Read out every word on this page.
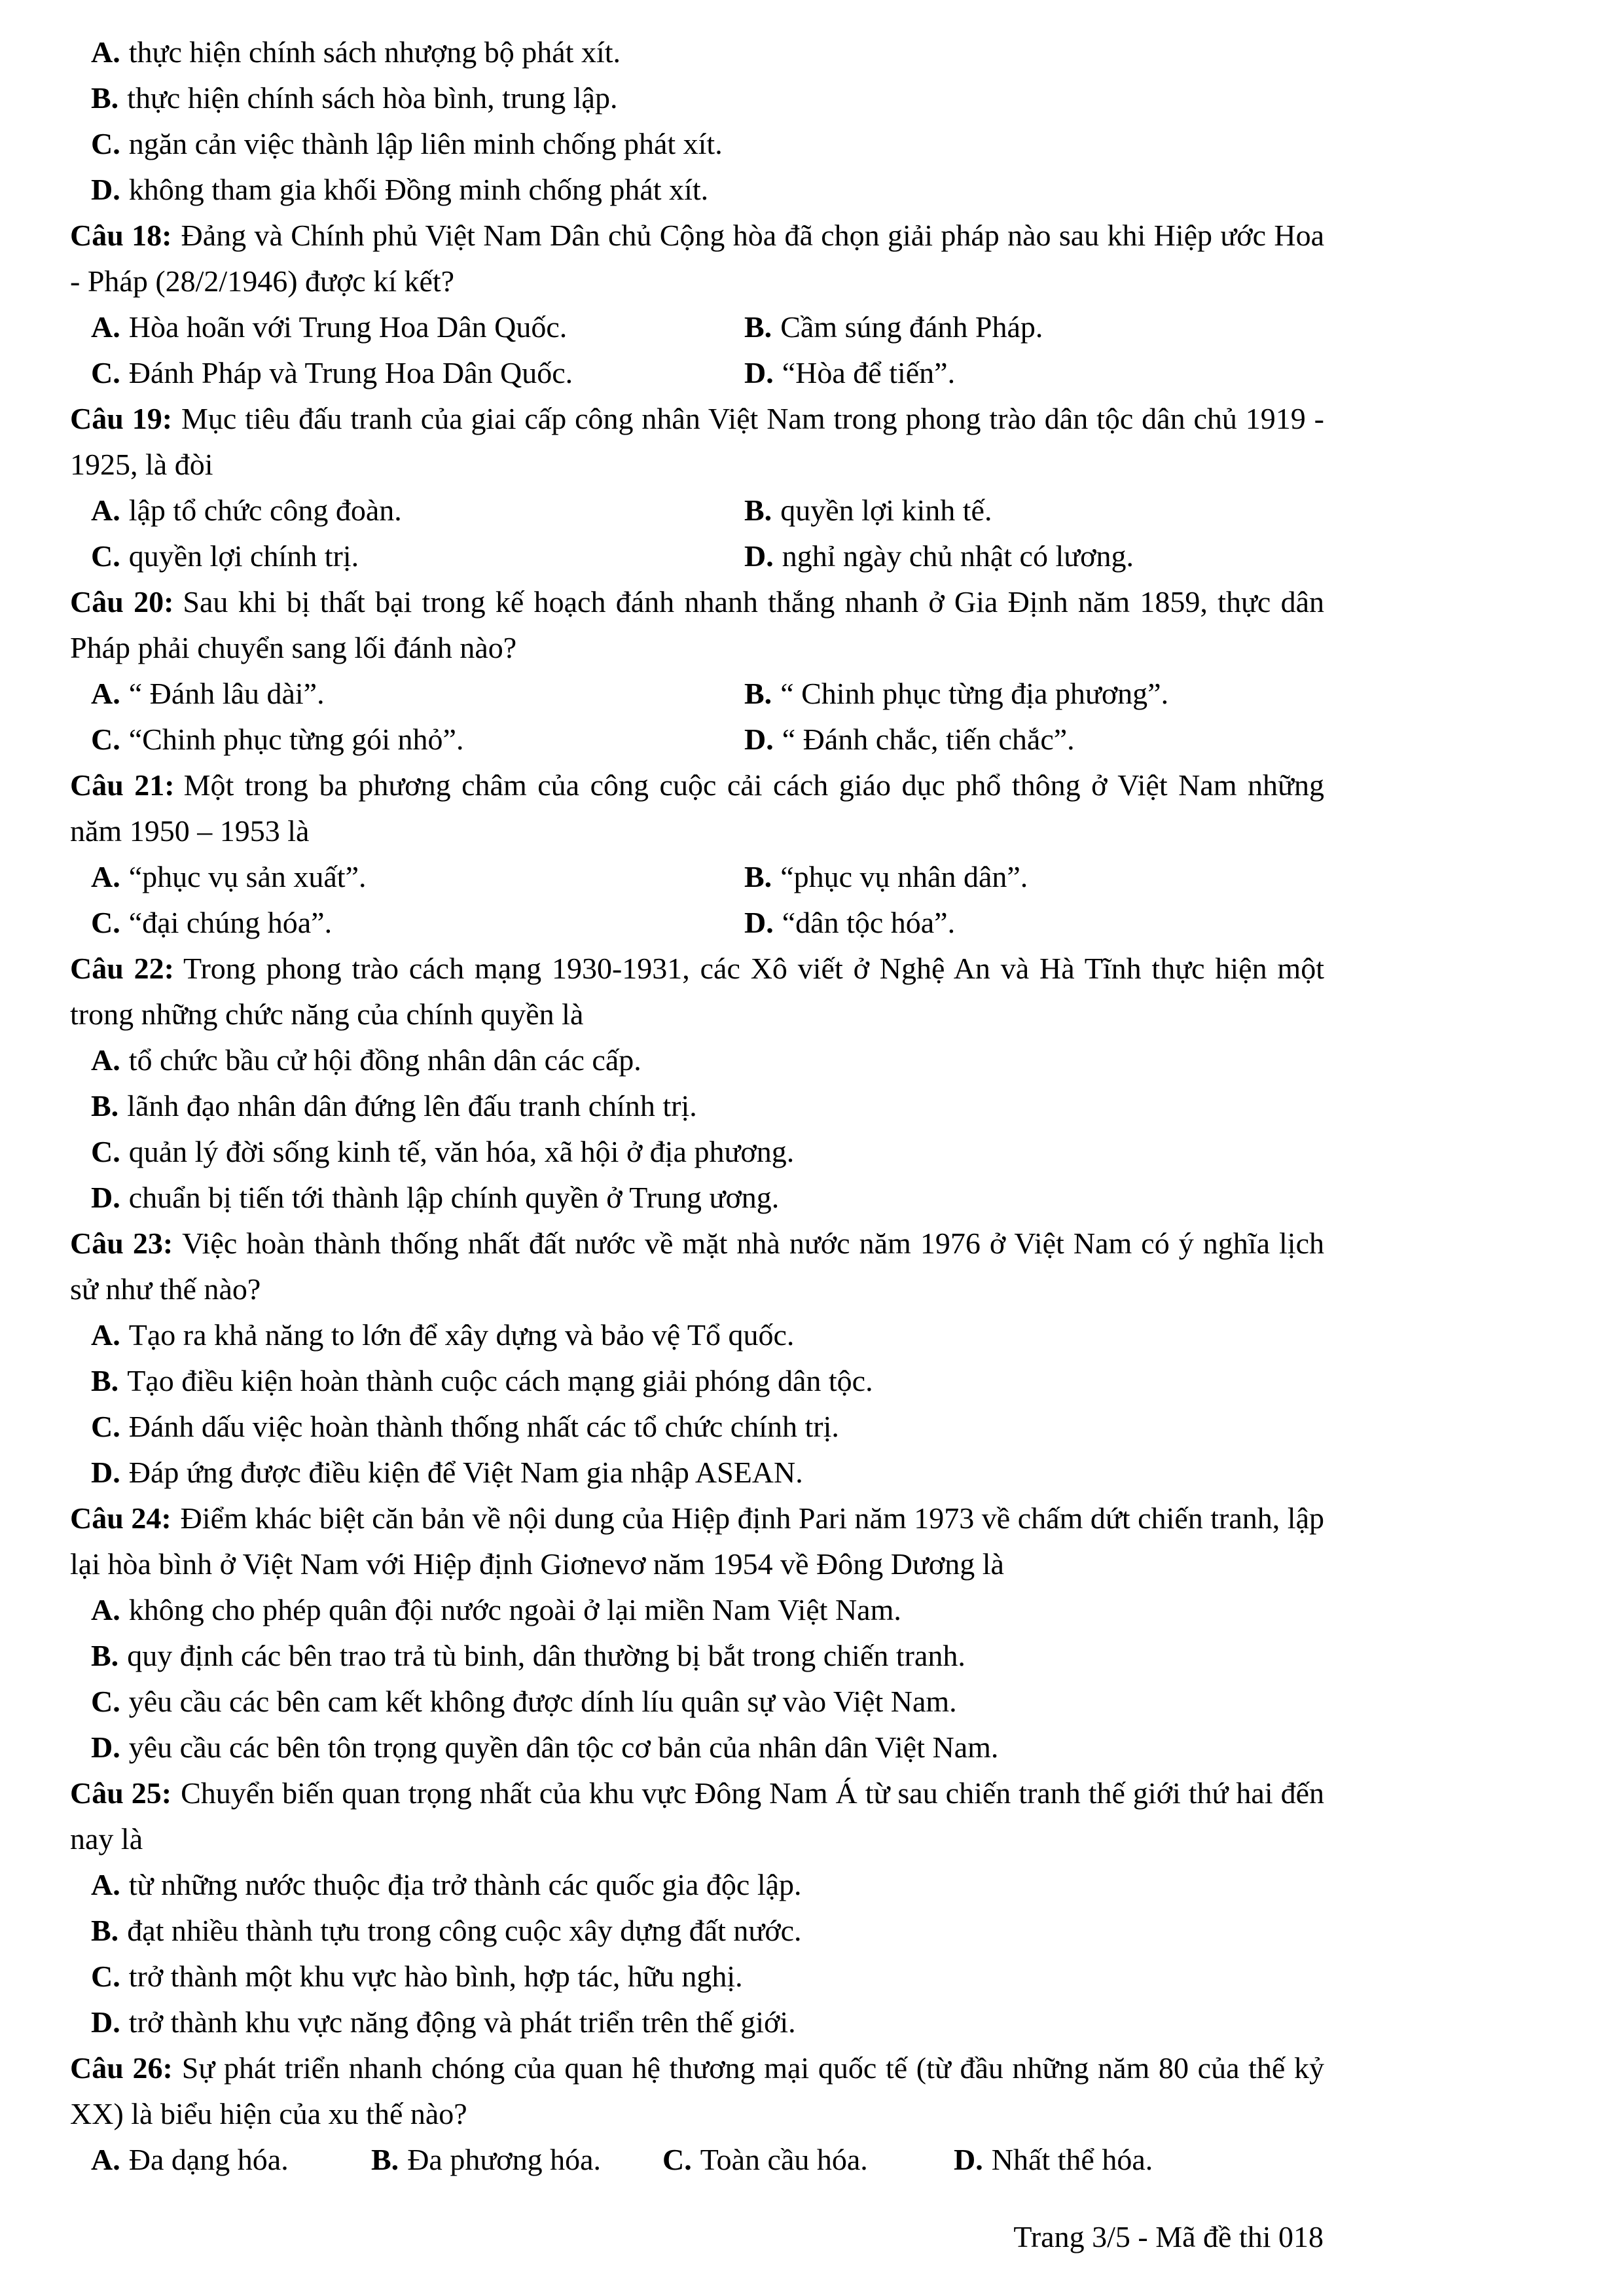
A. thực hiện chính sách nhượng bộ phát xít.
B. thực hiện chính sách hòa bình, trung lập.
C. ngăn cản việc thành lập liên minh chống phát xít.
D. không tham gia khối Đồng minh chống phát xít.

Câu 18: Đảng và Chính phủ Việt Nam Dân chủ Cộng hòa đã chọn giải pháp nào sau khi Hiệp ước Hoa - Pháp (28/2/1946) được kí kết?

A. Hòa hoãn với Trung Hoa Dân Quốc.	B. Cầm súng đánh Pháp.
C. Đánh Pháp và Trung Hoa Dân Quốc.	D. “Hòa để tiến”.

Câu 19: Mục tiêu đấu tranh của giai cấp công nhân Việt Nam trong phong trào dân tộc dân chủ 1919 - 1925, là đòi

A. lập tổ chức công đoàn.	B. quyền lợi kinh tế.
C. quyền lợi chính trị.	D. nghỉ ngày chủ nhật có lương.

Câu 20: Sau khi bị thất bại trong kế hoạch đánh nhanh thắng nhanh ở Gia Định năm 1859, thực dân Pháp phải chuyển sang lối đánh nào?

A. “ Đánh lâu dài”.	B. “ Chinh phục từng địa phương”.
C. “Chinh phục từng gói nhỏ”.	D. “ Đánh chắc, tiến chắc”.

Câu 21: Một trong ba phương châm của công cuộc cải cách giáo dục phổ thông ở Việt Nam những năm 1950 – 1953 là

A. “phục vụ sản xuất”.	B. “phục vụ nhân dân”.
C. “đại chúng hóa”.	D. “dân tộc hóa”.

Câu 22: Trong phong trào cách mạng 1930-1931, các Xô viết ở Nghệ An và Hà Tĩnh thực hiện một trong những chức năng của chính quyền là

A. tổ chức bầu cử hội đồng nhân dân các cấp.
B. lãnh đạo nhân dân đứng lên đấu tranh chính trị.
C. quản lý đời sống kinh tế, văn hóa, xã hội ở địa phương.
D. chuẩn bị tiến tới thành lập chính quyền ở Trung ương.

Câu 23: Việc hoàn thành thống nhất đất nước về mặt nhà nước năm 1976 ở Việt Nam có ý nghĩa lịch sử như thế nào?

A. Tạo ra khả năng to lớn để xây dựng và bảo vệ Tổ quốc.
B. Tạo điều kiện hoàn thành cuộc cách mạng giải phóng dân tộc.
C. Đánh dấu việc hoàn thành thống nhất các tổ chức chính trị.
D. Đáp ứng được điều kiện để Việt Nam gia nhập ASEAN.

Câu 24: Điểm khác biệt căn bản về nội dung của Hiệp định Pari năm 1973 về chấm dứt chiến tranh, lập lại hòa bình ở Việt Nam với Hiệp định Giơnevơ năm 1954 về Đông Dương là

A. không cho phép quân đội nước ngoài ở lại miền Nam Việt Nam.
B. quy định các bên trao trả tù binh, dân thường bị bắt trong chiến tranh.
C. yêu cầu các bên cam kết không được dính líu quân sự vào Việt Nam.
D. yêu cầu các bên tôn trọng quyền dân tộc cơ bản của nhân dân Việt Nam.

Câu 25: Chuyển biến quan trọng nhất của khu vực Đông Nam Á từ sau chiến tranh thế giới thứ hai đến nay là

A. từ những nước thuộc địa trở thành các quốc gia độc lập.
B. đạt nhiều thành tựu trong công cuộc xây dựng đất nước.
C. trở thành một khu vực hào bình, hợp tác, hữu nghị.
D. trở thành khu vực năng động và phát triển trên thế giới.

Câu 26: Sự phát triển nhanh chóng của quan hệ thương mại quốc tế (từ đầu những năm 80 của thế kỷ XX) là biểu hiện của xu thế nào?

A. Đa dạng hóa.	B. Đa phương hóa.	C. Toàn cầu hóa.	D. Nhất thể hóa.
Trang 3/5 - Mã đề thi 018
